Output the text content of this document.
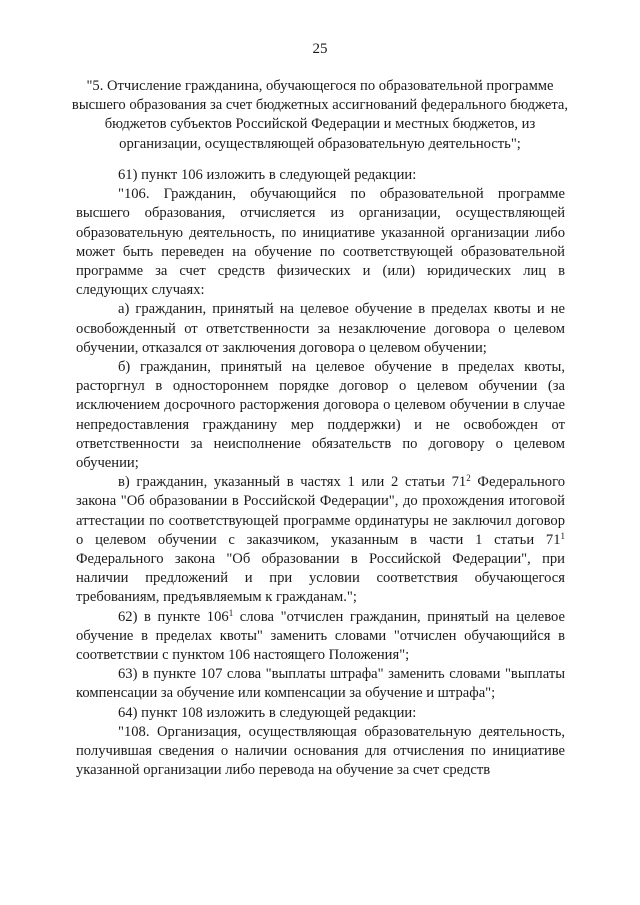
25
"5. Отчисление гражданина, обучающегося по образовательной программе высшего образования за счет бюджетных ассигнований федерального бюджета, бюджетов субъектов Российской Федерации и местных бюджетов, из организации, осуществляющей образовательную деятельность";

61) пункт 106 изложить в следующей редакции:

"106. Гражданин, обучающийся по образовательной программе высшего образования, отчисляется из организации, осуществляющей образовательную деятельность, по инициативе указанной организации либо может быть переведен на обучение по соответствующей образовательной программе за счет средств физических и (или) юридических лиц в следующих случаях:

а) гражданин, принятый на целевое обучение в пределах квоты и не освобожденный от ответственности за незаключение договора о целевом обучении, отказался от заключения договора о целевом обучении;

б) гражданин, принятый на целевое обучение в пределах квоты, расторгнул в одностороннем порядке договор о целевом обучении (за исключением досрочного расторжения договора о целевом обучении в случае непредоставления гражданину мер поддержки) и не освобожден от ответственности за неисполнение обязательств по договору о целевом обучении;

в) гражданин, указанный в частях 1 или 2 статьи $71^2$ Федерального закона "Об образовании в Российской Федерации", до прохождения итоговой аттестации по соответствующей программе ординатуры не заключил договор о целевом обучении с заказчиком, указанным в части 1 статьи $71^1$ Федерального закона "Об образовании в Российской Федерации", при наличии предложений и при условии соответствия обучающегося требованиям, предъявляемым к гражданам.";

62) в пункте $106^1$ слова "отчислен гражданин, принятый на целевое обучение в пределах квоты" заменить словами "отчислен обучающийся в соответствии с пунктом 106 настоящего Положения";

63) в пункте 107 слова "выплаты штрафа" заменить словами "выплаты компенсации за обучение или компенсации за обучение и штрафа";

64) пункт 108 изложить в следующей редакции:

"108. Организация, осуществляющая образовательную деятельность, получившая сведения о наличии основания для отчисления по инициативе указанной организации либо перевода на обучение за счет средств
